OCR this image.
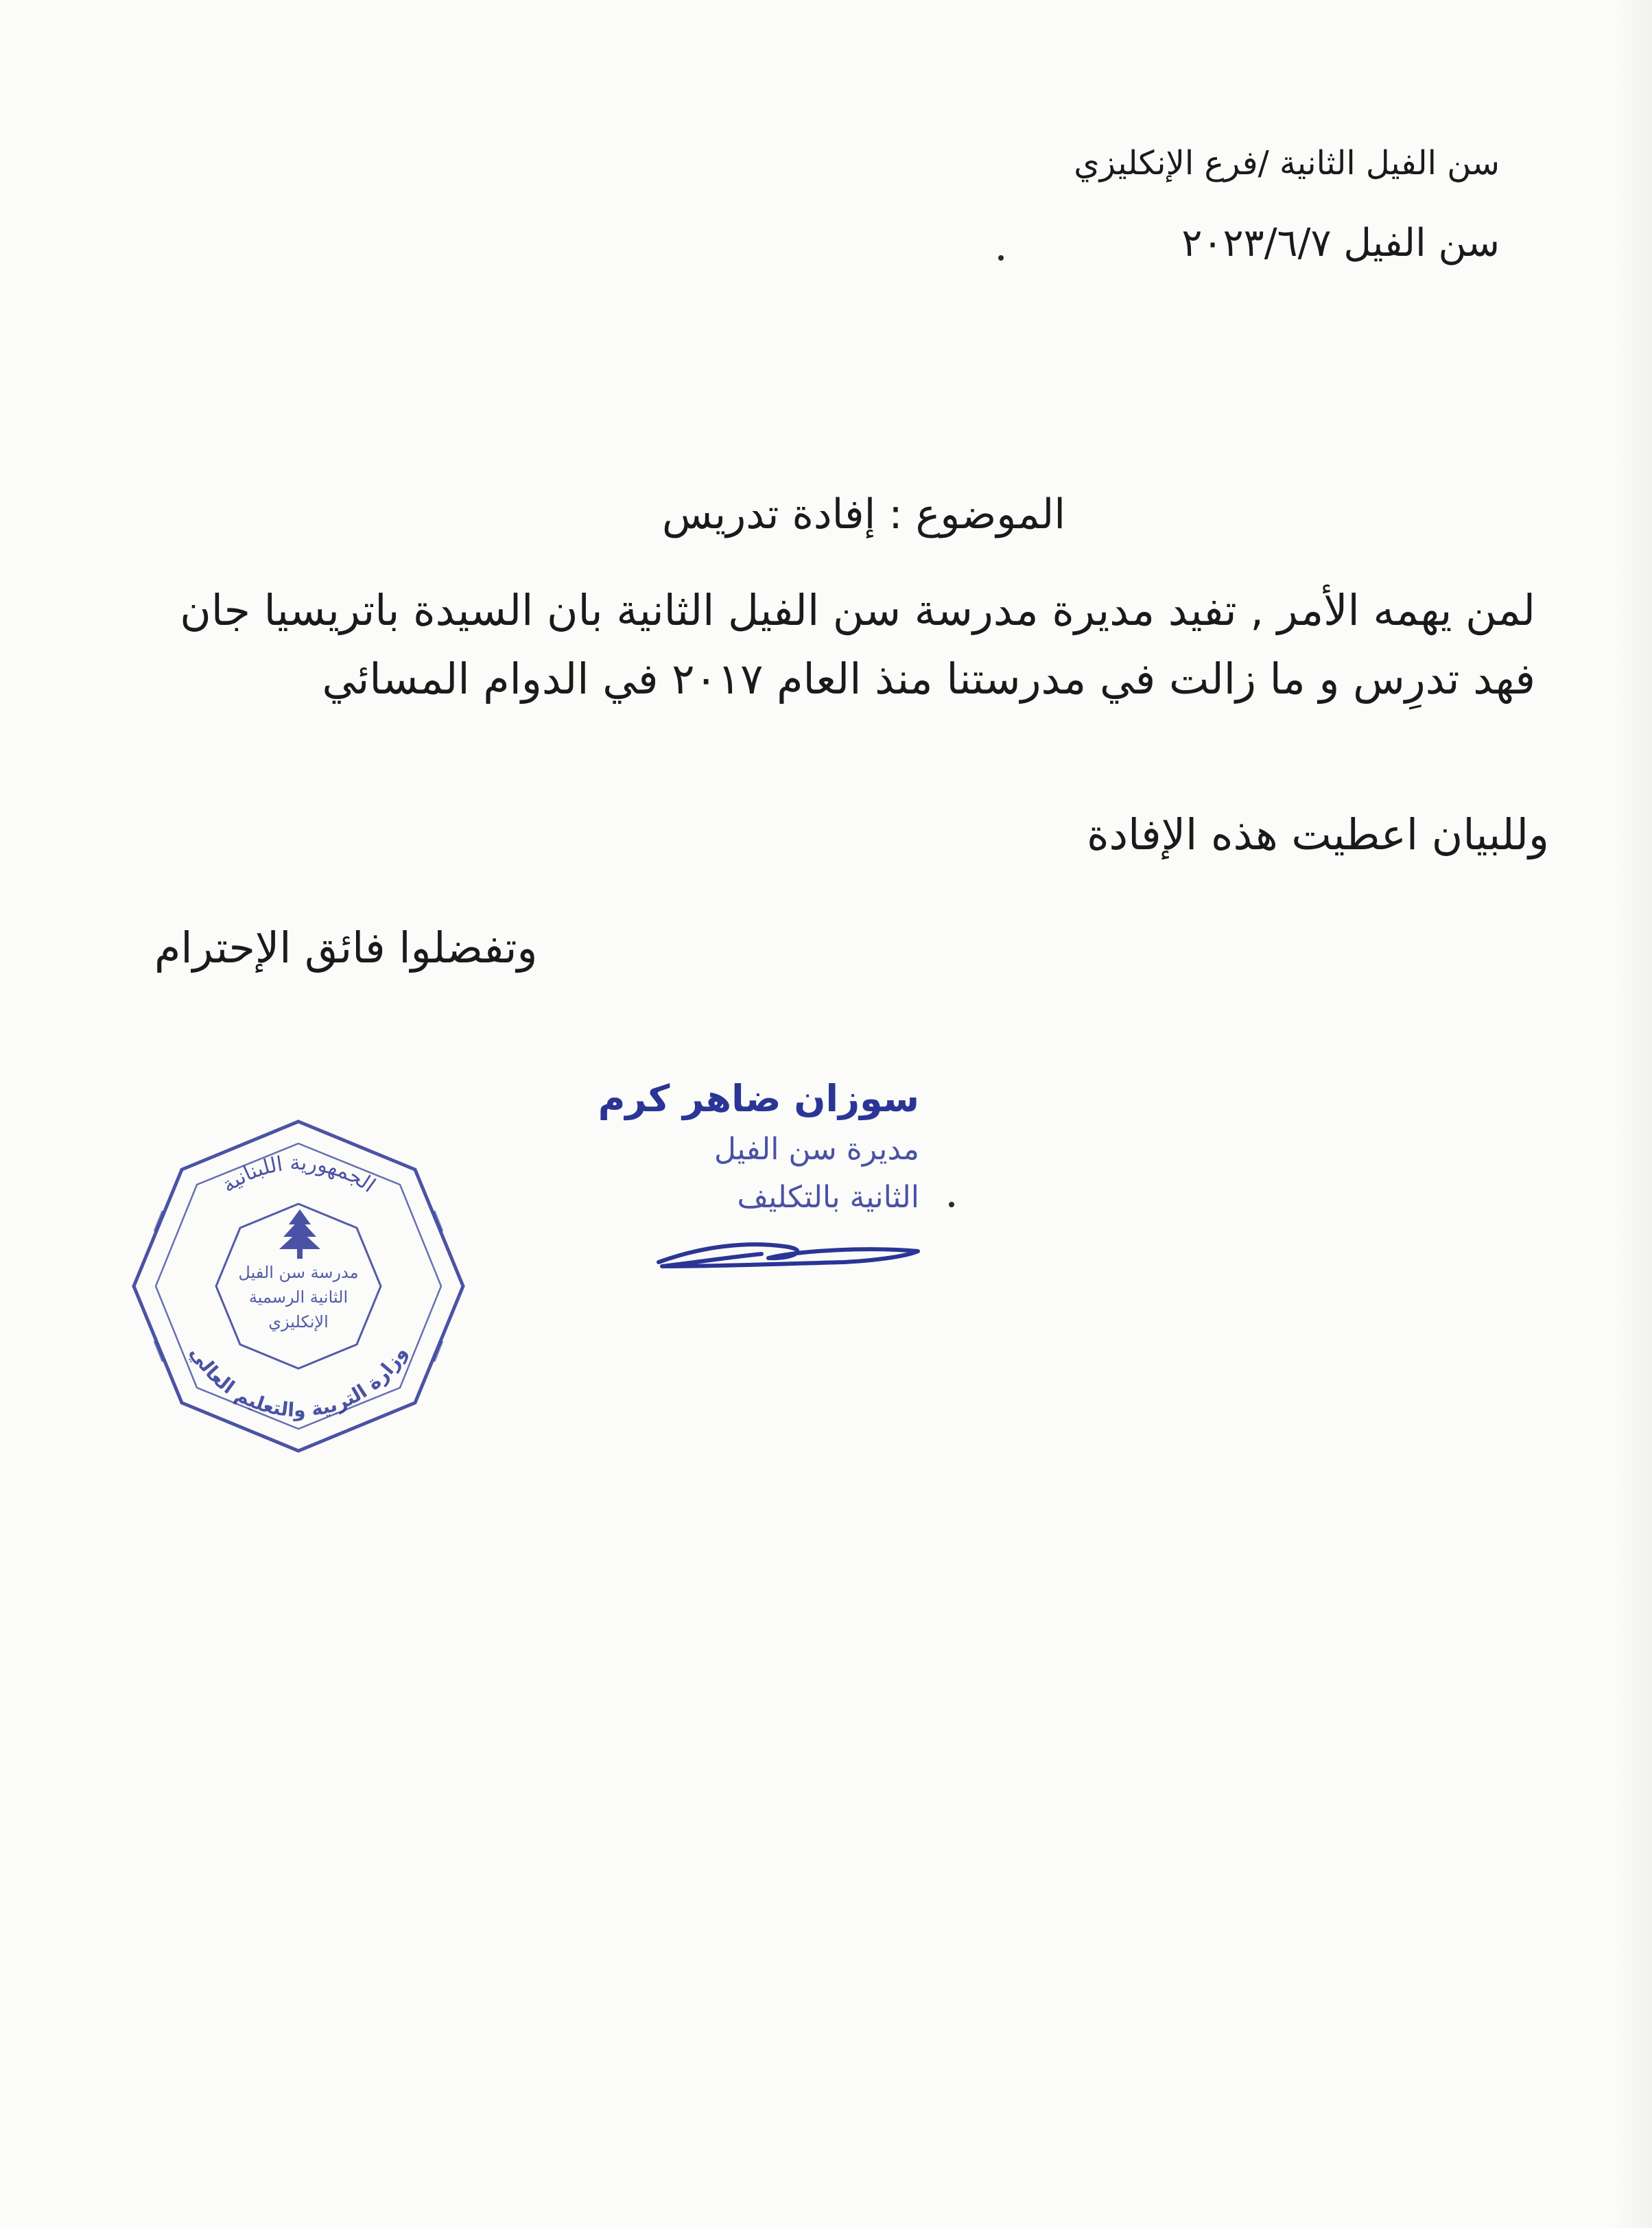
سن الفيل الثانية /فرع الإنكليزي
سن الفيل ٢٠٢٣/٦/٧
الموضوع : إفادة تدريس
لمن يهمه الأمر , تفيد مديرة مدرسة سن الفيل الثانية بان السيدة باتريسيا جان فهد تدرِس و ما زالت في مدرستنا منذ العام ٢٠١٧ في الدوام المسائي
وللبيان اعطيت هذه الإفادة
وتفضلوا فائق الإحترام
سوزان ضاهر كرم
مديرة سن الفيل
الثانية بالتكليف
الجمهورية اللبنانية
وزارة التربية والتعليم العالي
مدرسة سن الفيل
الثانية الرسمية
الإنكليزي
